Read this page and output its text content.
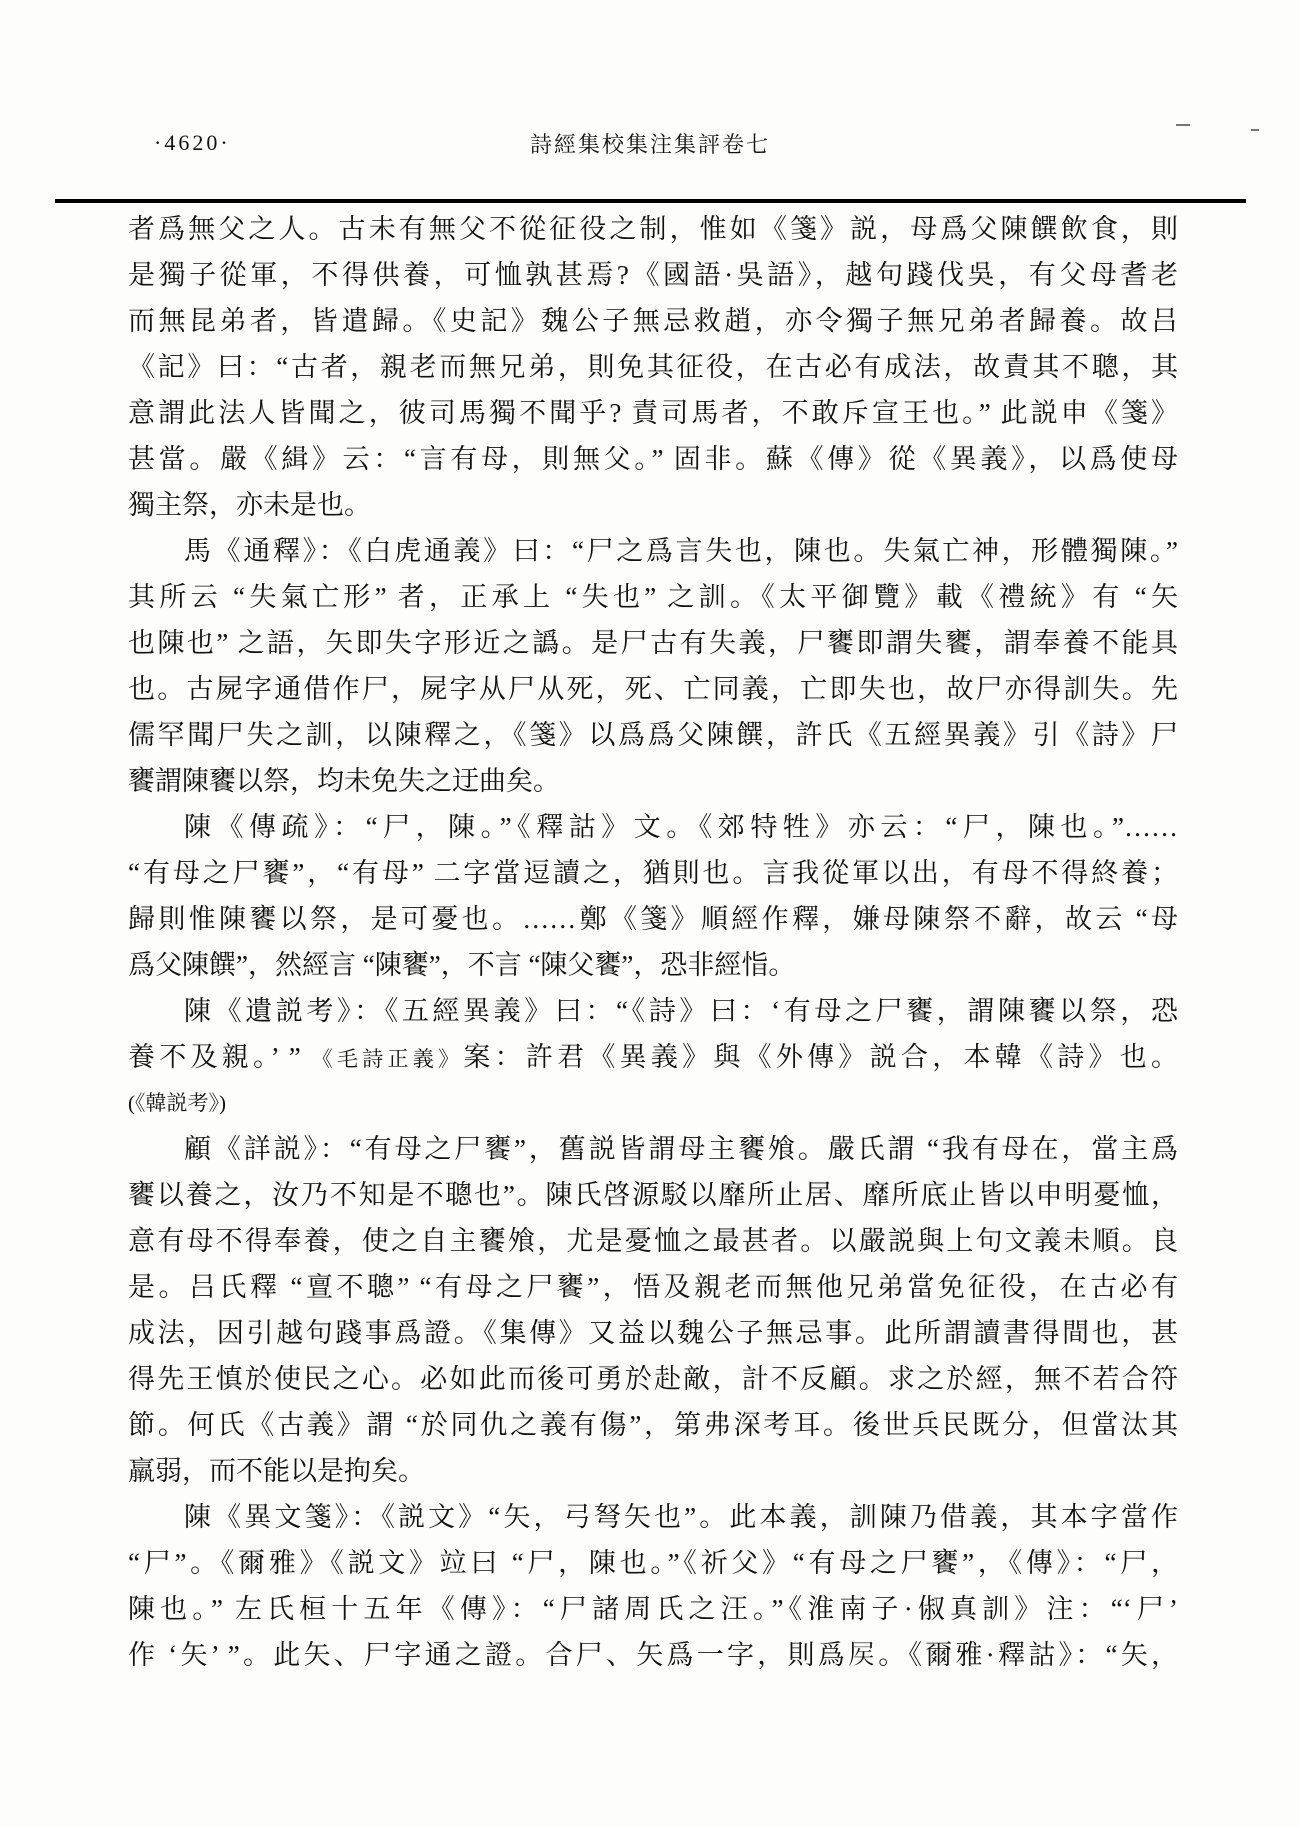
·4620·	詩經集校集注集評卷七
者爲無父之人。古未有無父不從征役之制，惟如《箋》説，母爲父陳饌飲食，則
是獨子從軍，不得供養，可恤孰甚焉?《國語·吳語》，越句踐伐吳，有父母耆老
而無昆弟者，皆遣歸。《史記》魏公子無忌救趙，亦令獨子無兄弟者歸養。故吕
《記》曰：“古者，親老而無兄弟，則免其征役，在古必有成法，故責其不聰，其
意謂此法人皆聞之，彼司馬獨不聞乎? 責司馬者，不敢斥宣王也。” 此説申《箋》
甚當。嚴《緝》云：“言有母，則無父。” 固非。蘇《傳》從《異義》，以爲使母
獨主祭，亦未是也。
馬《通釋》：《白虎通義》曰：“尸之爲言失也，陳也。失氣亡神，形體獨陳。”
其所云 “失氣亡形” 者，正承上 “失也” 之訓。《太平御覽》載《禮統》有 “矢
也陳也” 之語，矢即失字形近之譌。是尸古有失義，尸饔即謂失饔，謂奉養不能具
也。古屍字通借作尸，屍字从尸从死，死、亡同義，亡即失也，故尸亦得訓失。先
儒罕聞尸失之訓，以陳釋之，《箋》以爲爲父陳饌，許氏《五經異義》引《詩》尸
饔謂陳饔以祭，均未免失之迂曲矣。
陳《傳疏》：“尸，陳。”《釋詁》文。《郊特牲》亦云：“尸，陳也。”……
“有母之尸饔”，“有母” 二字當逗讀之，猶則也。言我從軍以出，有母不得終養；
歸則惟陳饔以祭，是可憂也。……鄭《箋》順經作釋，嫌母陳祭不辭，故云 “母
爲父陳饌”，然經言 “陳饔”，不言 “陳父饔”，恐非經恉。
陳《遺説考》：《五經異義》曰：“《詩》曰：‘有母之尸饔，謂陳饔以祭，恐
養不及親。’ ” 《毛詩正義》案：許君《異義》與《外傳》説合，本韓《詩》也。
(《韓説考》)
顧《詳説》：“有母之尸饔”，舊説皆謂母主饔飧。嚴氏謂 “我有母在，當主爲
饔以養之，汝乃不知是不聰也”。陳氏啓源駁以靡所止居、靡所底止皆以申明憂恤，
意有母不得奉養，使之自主饔飧，尤是憂恤之最甚者。以嚴説與上句文義未順。良
是。吕氏釋 “亶不聰” “有母之尸饔”，悟及親老而無他兄弟當免征役，在古必有
成法，因引越句踐事爲證。《集傳》又益以魏公子無忌事。此所謂讀書得間也，甚
得先王慎於使民之心。必如此而後可勇於赴敵，計不反顧。求之於經，無不若合符
節。何氏《古義》謂 “於同仇之義有傷”，第弗深考耳。後世兵民既分，但當汰其
羸弱，而不能以是拘矣。
陳《異文箋》：《説文》“矢，弓弩矢也”。此本義，訓陳乃借義，其本字當作
“尸”。《爾雅》《説文》竝曰 “尸，陳也。”《祈父》“有母之尸饔”，《傳》：“尸，
陳也。” 左氏桓十五年《傳》：“尸諸周氏之汪。”《淮南子·俶真訓》注：“‘尸’
作 ‘矢’ ”。此矢、尸字通之證。合尸、矢爲一字，則爲𡱁。《爾雅·釋詁》：“矢，
